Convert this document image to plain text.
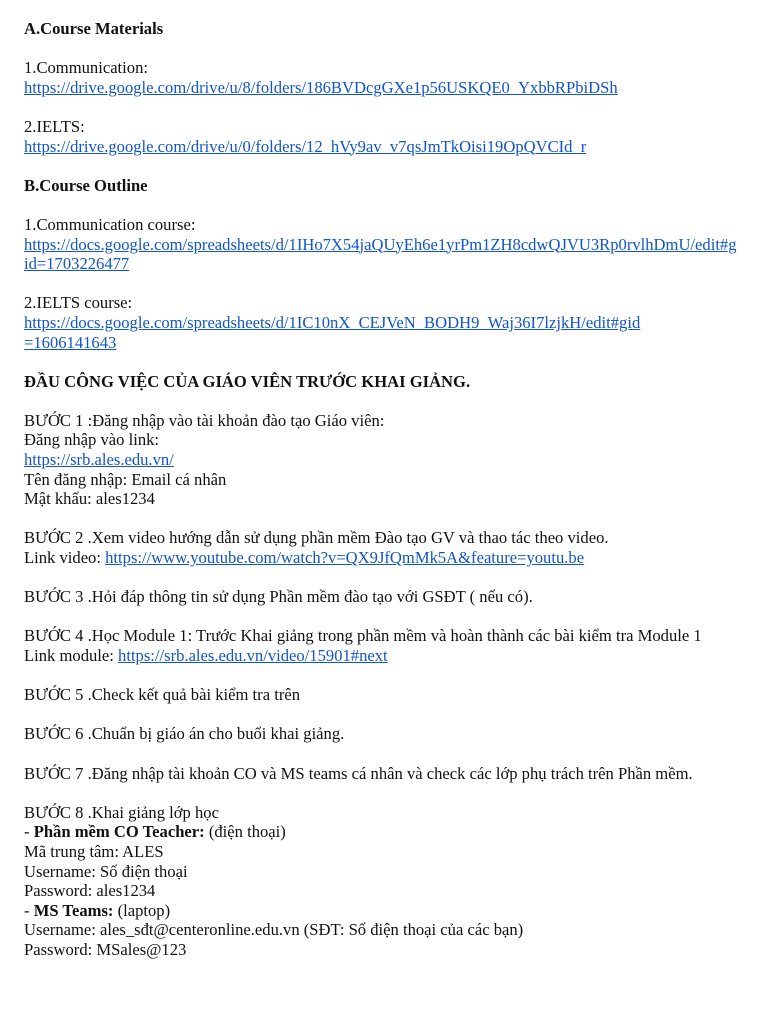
A.Course Materials
1.Communication:
https://drive.google.com/drive/u/8/folders/186BVDcgGXe1p56USKQE0_YxbbRPbiDSh
2.IELTS:
https://drive.google.com/drive/u/0/folders/12_hVy9av_v7qsJmTkOisi19OpQVCId_r
B.Course Outline
1.Communication course:
https://docs.google.com/spreadsheets/d/1IHo7X54jaQUyEh6e1yrPm1ZH8cdwQJVU3Rp0rvlhDmU/edit#gid=1703226477
2.IELTS course:
https://docs.google.com/spreadsheets/d/1IC10nX_CEJVeN_BODH9_Waj36I7lzjkH/edit#gid=1606141643
ĐẦU CÔNG VIỆC CỦA GIÁO VIÊN TRƯỚC KHAI GIẢNG.
BƯỚC 1 :Đăng nhập vào tài khoản đào tạo Giáo viên:
Đăng nhập vào link:
https://srb.ales.edu.vn/
Tên đăng nhập: Email cá nhân
Mật khẩu: ales1234
BƯỚC 2 .Xem video hướng dẫn sử dụng phần mềm Đào tạo GV và thao tác theo video.
Link video: https://www.youtube.com/watch?v=QX9JfQmMk5A&feature=youtu.be
BƯỚC 3 .Hỏi đáp thông tin sử dụng Phần mềm đào tạo với GSĐT ( nếu có).
BƯỚC 4 .Học Module 1: Trước Khai giảng trong phần mềm và hoàn thành các bài kiểm tra Module 1
Link module: https://srb.ales.edu.vn/video/15901#next
BƯỚC 5 .Check kết quả bài kiểm tra trên
BƯỚC 6 .Chuẩn bị giáo án cho buổi khai giảng.
BƯỚC 7 .Đăng nhập tài khoản CO và MS teams cá nhân và check các lớp phụ trách trên Phần mềm.
BƯỚC 8 .Khai giảng lớp học
- Phần mềm CO Teacher: (điện thoại)
Mã trung tâm: ALES
Username: Số điện thoại
Password: ales1234
- MS Teams: (laptop)
Username: ales_sđt@centeronline.edu.vn (SĐT: Số điện thoại của các bạn)
Password: MSales@123
